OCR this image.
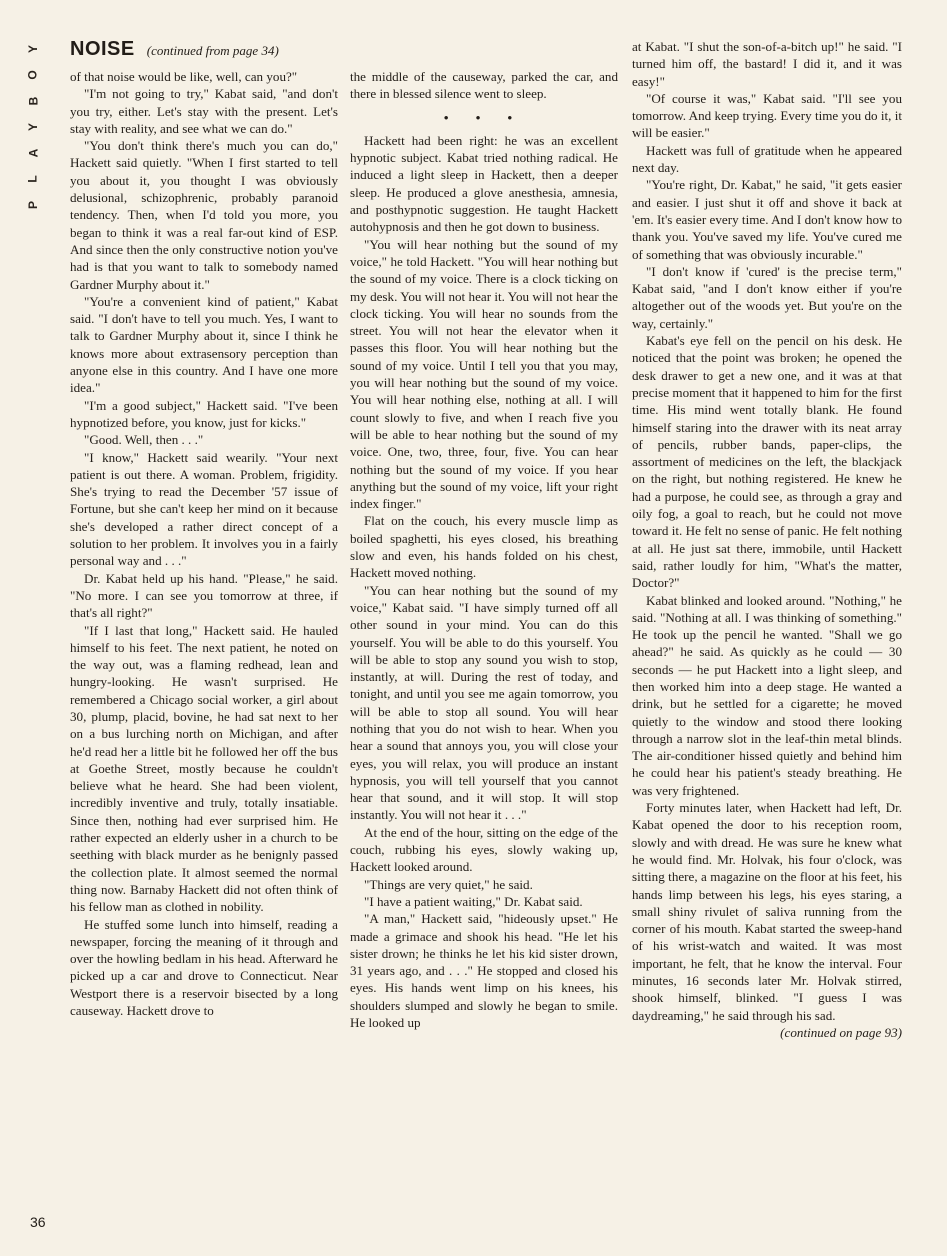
Y
O
B
Y
A
L
P
NOISE (continued from page 34)

of that noise would be like, well, can you?"

"I'm not going to try," Kabat said, "and don't you try, either. Let's stay with the present. Let's stay with reality, and see what we can do."

"You don't think there's much you can do," Hackett said quietly. "When I first started to tell you about it, you thought I was obviously delusional, schizophrenic, probably paranoid tendency. Then, when I'd told you more, you began to think it was a real far-out kind of ESP. And since then the only constructive notion you've had is that you want to talk to somebody named Gardner Murphy about it."

"You're a convenient kind of patient," Kabat said. "I don't have to tell you much. Yes, I want to talk to Gardner Murphy about it, since I think he knows more about extrasensory perception than anyone else in this country. And I have one more idea."

"I'm a good subject," Hackett said. "I've been hypnotized before, you know, just for kicks."

"Good. Well, then . . ."

"I know," Hackett said wearily. "Your next patient is out there. A woman. Problem, frigidity. She's trying to read the December '57 issue of Fortune, but she can't keep her mind on it because she's developed a rather direct concept of a solution to her problem. It involves you in a fairly personal way and . . ."

Dr. Kabat held up his hand. "Please," he said. "No more. I can see you tomorrow at three, if that's all right?"

"If I last that long," Hackett said. He hauled himself to his feet. The next patient, he noted on the way out, was a flaming redhead, lean and hungry-looking. He wasn't surprised. He remembered a Chicago social worker, a girl about 30, plump, placid, bovine, he had sat next to her on a bus lurching north on Michigan, and after he'd read her a little bit he followed her off the bus at Goethe Street, mostly because he couldn't believe what he heard. She had been violent, incredibly inventive and truly, totally insatiable. Since then, nothing had ever surprised him. He rather expected an elderly usher in a church to be seething with black murder as he benignly passed the collection plate. It almost seemed the normal thing now. Barnaby Hackett did not often think of his fellow man as clothed in nobility.

He stuffed some lunch into himself, reading a newspaper, forcing the meaning of it through and over the howling bedlam in his head. Afterward he picked up a car and drove to Connecticut. Near Westport there is a reservoir bisected by a long causeway. Hackett drove to

the middle of the causeway, parked the car, and there in blessed silence went to sleep.

• • •

Hackett had been right: he was an excellent hypnotic subject. Kabat tried nothing radical. He induced a light sleep in Hackett, then a deeper sleep. He produced a glove anesthesia, amnesia, and posthypnotic suggestion. He taught Hackett autohypnosis and then he got down to business.

"You will hear nothing but the sound of my voice," he told Hackett. "You will hear nothing but the sound of my voice. There is a clock ticking on my desk. You will not hear it. You will not hear the clock ticking. You will hear no sounds from the street. You will not hear the elevator when it passes this floor. You will hear nothing but the sound of my voice. Until I tell you that you may, you will hear nothing but the sound of my voice. You will hear nothing else, nothing at all. I will count slowly to five, and when I reach five you will be able to hear nothing but the sound of my voice. One, two, three, four, five. You can hear nothing but the sound of my voice. If you hear anything but the sound of my voice, lift your right index finger."

Flat on the couch, his every muscle limp as boiled spaghetti, his eyes closed, his breathing slow and even, his hands folded on his chest, Hackett moved nothing.

"You can hear nothing but the sound of my voice," Kabat said. "I have simply turned off all other sound in your mind. You can do this yourself. You will be able to do this yourself. You will be able to stop any sound you wish to stop, instantly, at will. During the rest of today, and tonight, and until you see me again tomorrow, you will be able to stop all sound. You will hear nothing that you do not wish to hear. When you hear a sound that annoys you, you will close your eyes, you will relax, you will produce an instant hypnosis, you will tell yourself that you cannot hear that sound, and it will stop. It will stop instantly. You will not hear it . . ."

At the end of the hour, sitting on the edge of the couch, rubbing his eyes, slowly waking up, Hackett looked around.

"Things are very quiet," he said.

"I have a patient waiting," Dr. Kabat said.

"A man," Hackett said, "hideously upset." He made a grimace and shook his head. "He let his sister drown; he thinks he let his kid sister drown, 31 years ago, and . . ." He stopped and closed his eyes. His hands went limp on his knees, his shoulders slumped and slowly he began to smile. He looked up

at Kabat. "I shut the son-of-a-bitch up!" he said. "I turned him off, the bastard! I did it, and it was easy!"

"Of course it was," Kabat said. "I'll see you tomorrow. And keep trying. Every time you do it, it will be easier."

Hackett was full of gratitude when he appeared next day.

"You're right, Dr. Kabat," he said, "it gets easier and easier. I just shut it off and shove it back at 'em. It's easier every time. And I don't know how to thank you. You've saved my life. You've cured me of something that was obviously incurable."

"I don't know if 'cured' is the precise term," Kabat said, "and I don't know either if you're altogether out of the woods yet. But you're on the way, certainly."

Kabat's eye fell on the pencil on his desk. He noticed that the point was broken; he opened the desk drawer to get a new one, and it was at that precise moment that it happened to him for the first time. His mind went totally blank. He found himself staring into the drawer with its neat array of pencils, rubber bands, paper-clips, the assortment of medicines on the left, the blackjack on the right, but nothing registered. He knew he had a purpose, he could see, as through a gray and oily fog, a goal to reach, but he could not move toward it. He felt no sense of panic. He felt nothing at all. He just sat there, immobile, until Hackett said, rather loudly for him, "What's the matter, Doctor?"

Kabat blinked and looked around. "Nothing," he said. "Nothing at all. I was thinking of something." He took up the pencil he wanted. "Shall we go ahead?" he said. As quickly as he could — 30 seconds — he put Hackett into a light sleep, and then worked him into a deep stage. He wanted a drink, but he settled for a cigarette; he moved quietly to the window and stood there looking through a narrow slot in the leaf-thin metal blinds. The air-conditioner hissed quietly and behind him he could hear his patient's steady breathing. He was very frightened.

Forty minutes later, when Hackett had left, Dr. Kabat opened the door to his reception room, slowly and with dread. He was sure he knew what he would find. Mr. Holvak, his four o'clock, was sitting there, a magazine on the floor at his feet, his hands limp between his legs, his eyes staring, a small shiny rivulet of saliva running from the corner of his mouth. Kabat started the sweep-hand of his wrist-watch and waited. It was most important, he felt, that he know the interval. Four minutes, 16 seconds later Mr. Holvak stirred, shook himself, blinked. "I guess I was daydreaming," he said through his sad.

(continued on page 93)

36
